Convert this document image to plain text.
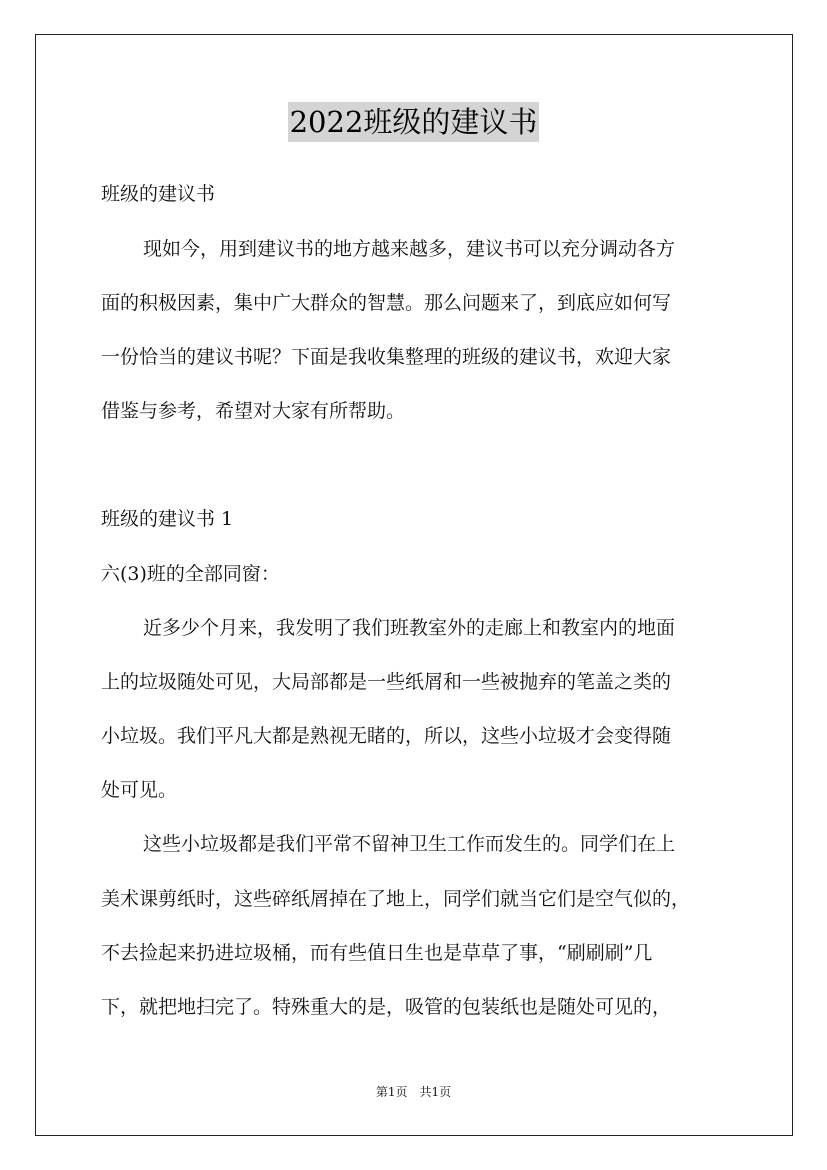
2022班级的建议书
班级的建议书
现如今，用到建议书的地方越来越多，建议书可以充分调动各方
面的积极因素，集中广大群众的智慧。那么问题来了，到底应如何写
一份恰当的建议书呢？下面是我收集整理的班级的建议书，欢迎大家
借鉴与参考，希望对大家有所帮助。
班级的建议书 1
六(3)班的全部同窗：
近多少个月来，我发明了我们班教室外的走廊上和教室内的地面
上的垃圾随处可见，大局部都是一些纸屑和一些被抛弃的笔盖之类的
小垃圾。我们平凡大都是熟视无睹的，所以，这些小垃圾才会变得随
处可见。
这些小垃圾都是我们平常不留神卫生工作而发生的。同学们在上
美术课剪纸时，这些碎纸屑掉在了地上，同学们就当它们是空气似的，
不去捡起来扔进垃圾桶，而有些值日生也是草草了事，“刷刷刷”几
下，就把地扫完了。特殊重大的是，吸管的包装纸也是随处可见的，
第1页　共1页
